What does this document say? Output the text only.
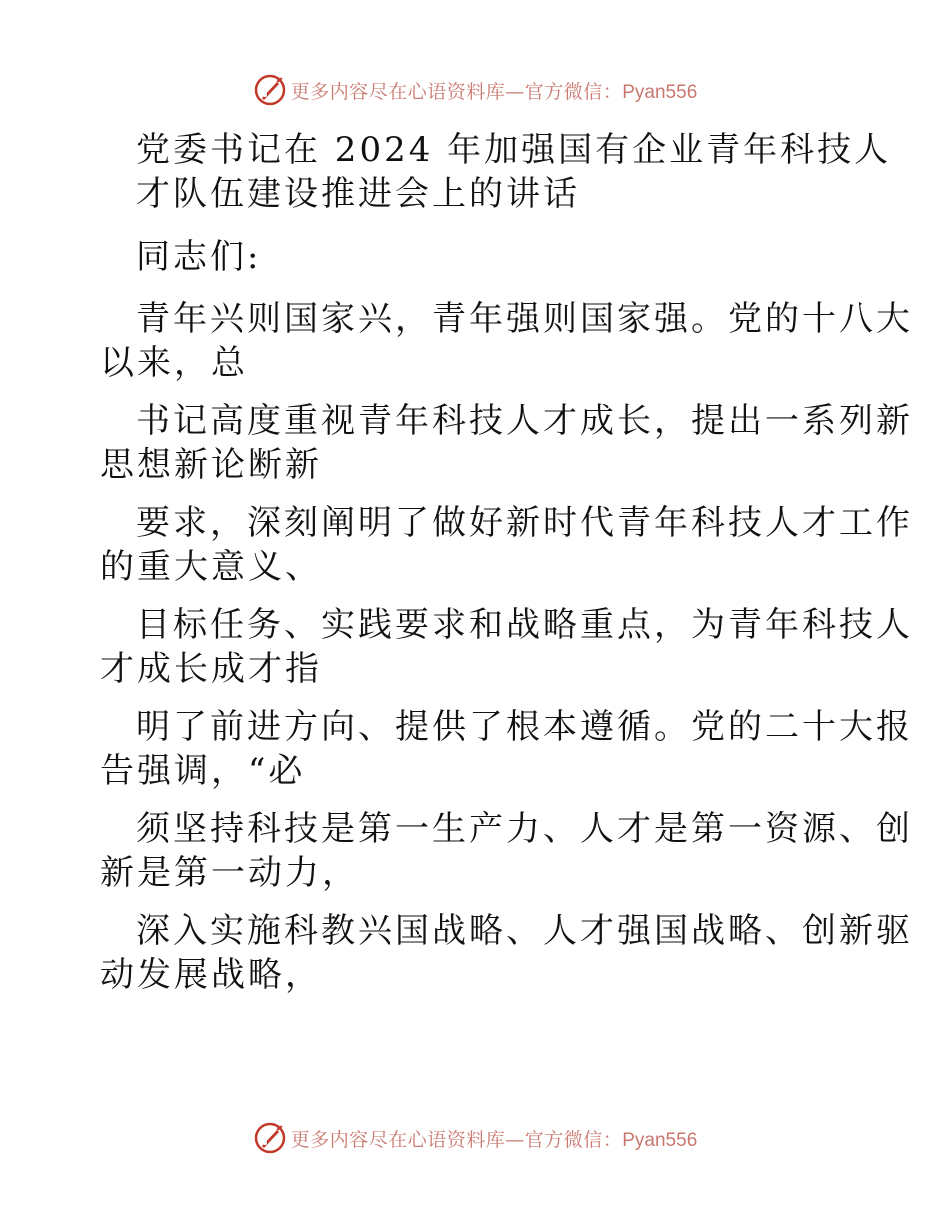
更多内容尽在心语资料库—官方微信：Pyan556
党委书记在 2024 年加强国有企业青年科技人
才队伍建设推进会上的讲话
同志们:
青年兴则国家兴，青年强则国家强。党的十八大
以来，总
书记高度重视青年科技人才成长，提出一系列新
思想新论断新
要求，深刻阐明了做好新时代青年科技人才工作
的重大意义、
目标任务、实践要求和战略重点，为青年科技人
才成长成才指
明了前进方向、提供了根本遵循。党的二十大报
告强调，“必
须坚持科技是第一生产力、人才是第一资源、创
新是第一动力，
深入实施科教兴国战略、人才强国战略、创新驱
动发展战略，
更多内容尽在心语资料库—官方微信：Pyan556
